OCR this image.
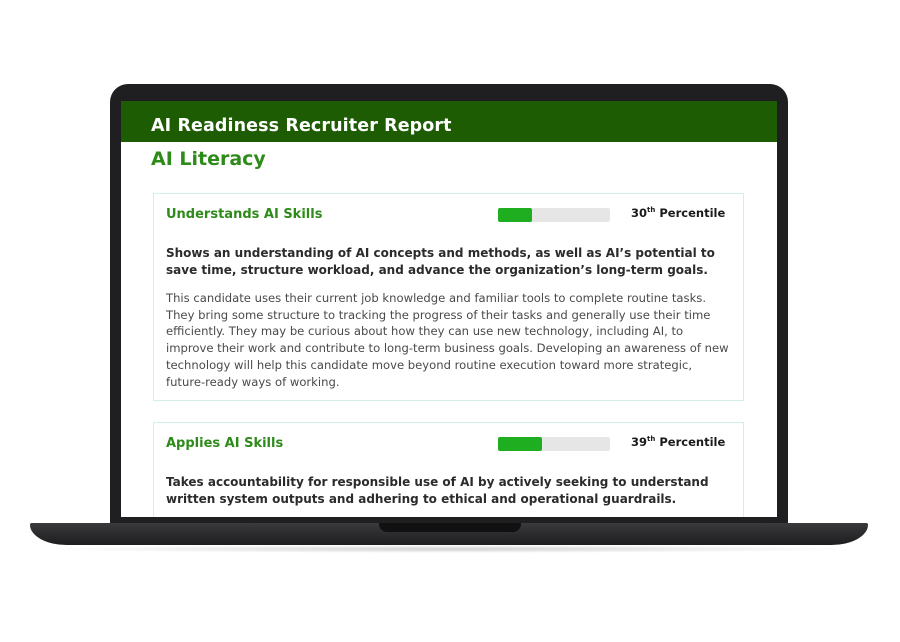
AI Readiness Recruiter Report
AI Literacy
Understands AI Skills	30th Percentile
Shows an understanding of AI concepts and methods, as well as AI’s potential to save time, structure workload, and advance the organization’s long-term goals.
This candidate uses their current job knowledge and familiar tools to complete routine tasks. They bring some structure to tracking the progress of their tasks and generally use their time efficiently. They may be curious about how they can use new technology, including AI, to improve their work and contribute to long-term business goals. Developing an awareness of new technology will help this candidate move beyond routine execution toward more strategic, future-ready ways of working.
Applies AI Skills	39th Percentile
Takes accountability for responsible use of AI by actively seeking to understand written system outputs and adhering to ethical and operational guardrails.
